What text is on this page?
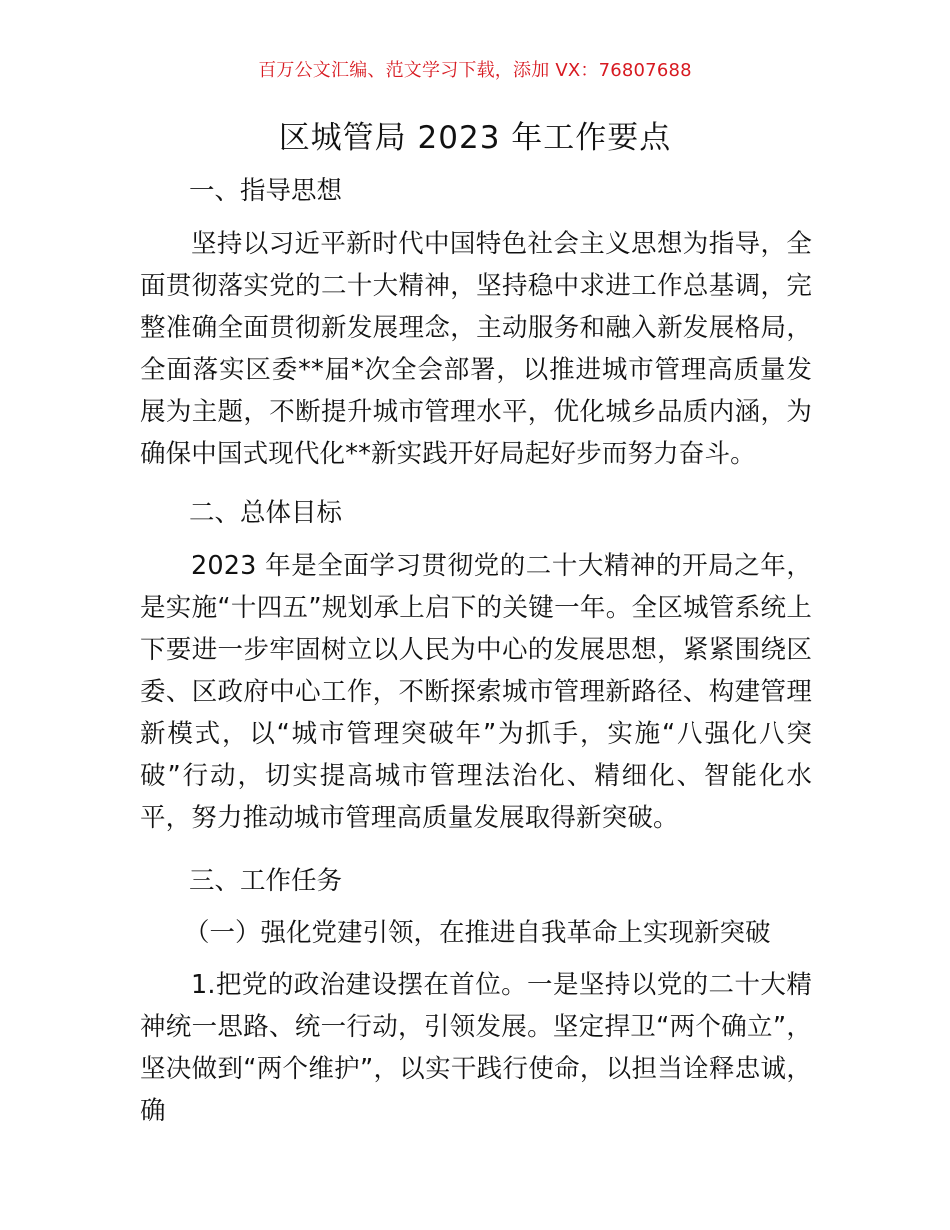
百万公文汇编、范文学习下载，添加 VX：76807688
区城管局 2023 年工作要点
一、指导思想
坚持以习近平新时代中国特色社会主义思想为指导，全面贯彻落实党的二十大精神，坚持稳中求进工作总基调，完整准确全面贯彻新发展理念，主动服务和融入新发展格局，全面落实区委**届*次全会部署，以推进城市管理高质量发展为主题，不断提升城市管理水平，优化城乡品质内涵，为确保中国式现代化**新实践开好局起好步而努力奋斗。
二、总体目标
2023 年是全面学习贯彻党的二十大精神的开局之年，是实施“十四五”规划承上启下的关键一年。全区城管系统上下要进一步牢固树立以人民为中心的发展思想，紧紧围绕区委、区政府中心工作，不断探索城市管理新路径、构建管理新模式，以“城市管理突破年”为抓手，实施“八强化八突破”行动，切实提高城市管理法治化、精细化、智能化水平，努力推动城市管理高质量发展取得新突破。
三、工作任务
（一）强化党建引领，在推进自我革命上实现新突破
1.把党的政治建设摆在首位。一是坚持以党的二十大精神统一思路、统一行动，引领发展。坚定捍卫“两个确立”，坚决做到“两个维护”，以实干践行使命，以担当诠释忠诚，确
